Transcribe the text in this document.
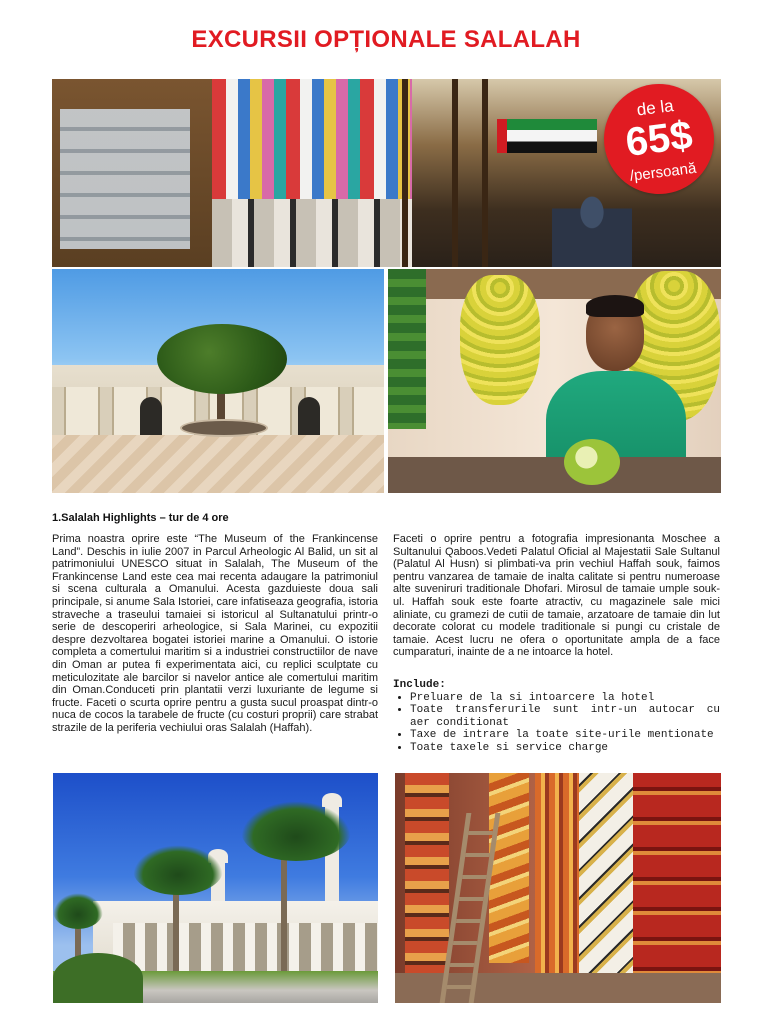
EXCURSII OPȚIONALE SALALAH
de la
65$
/persoană
1.Salalah Highlights – tur de 4 ore
Prima noastra oprire este “The Museum of the Frankincense Land”. Deschis in iulie 2007 in Parcul Arheologic Al Balid, un sit al patrimoniului UNESCO situat in Salalah, The Museum of the Frankincense Land este cea mai recenta adaugare la patrimoniul si scena culturala a Omanului. Acesta gazduieste doua sali principale, si anume Sala Istoriei, care infatiseaza geografia, istoria straveche a traseului tamaiei si istoricul al Sultanatului printr-o serie de descoperiri arheologice, si Sala Marinei, cu expozitii despre dezvoltarea bogatei istoriei marine a Omanului. O istorie completa a comertului maritim si a industriei constructiilor de nave din Oman ar putea fi experimentata aici, cu replici sculptate cu meticulozitate ale barcilor si navelor antice ale comertului maritim din Oman.Conduceti prin plantatii verzi luxuriante de legume si fructe. Faceti o scurta oprire pentru a gusta sucul proaspat dintr-o nuca de cocos la tarabele de fructe (cu costuri proprii) care strabat strazile de la periferia vechiului oras Salalah (Haffah).
Faceti o oprire pentru a fotografia impresionanta Moschee a Sultanului Qaboos.Vedeti Palatul Oficial al Majestatii Sale Sultanul (Palatul Al Husn) si plimbati-va prin vechiul Haffah souk, faimos pentru vanzarea de tamaie de inalta calitate si pentru numeroase alte suveniruri traditionale Dhofari. Mirosul de tamaie umple souk-ul. Haffah souk este foarte atractiv, cu magazinele sale mici aliniate, cu gramezi de cutii de tamaie, arzatoare de tamaie din lut decorate colorat cu modele traditionale si pungi cu cristale de tamaie. Acest lucru ne ofera o oportunitate ampla de a face cumparaturi, inainte de a ne intoarce la hotel.
Include:
• Preluare de la si intoarcere la hotel
• Toate transferurile sunt intr-un autocar cu aer conditionat
• Taxe de intrare la toate site-urile mentionate
• Toate taxele si service charge
